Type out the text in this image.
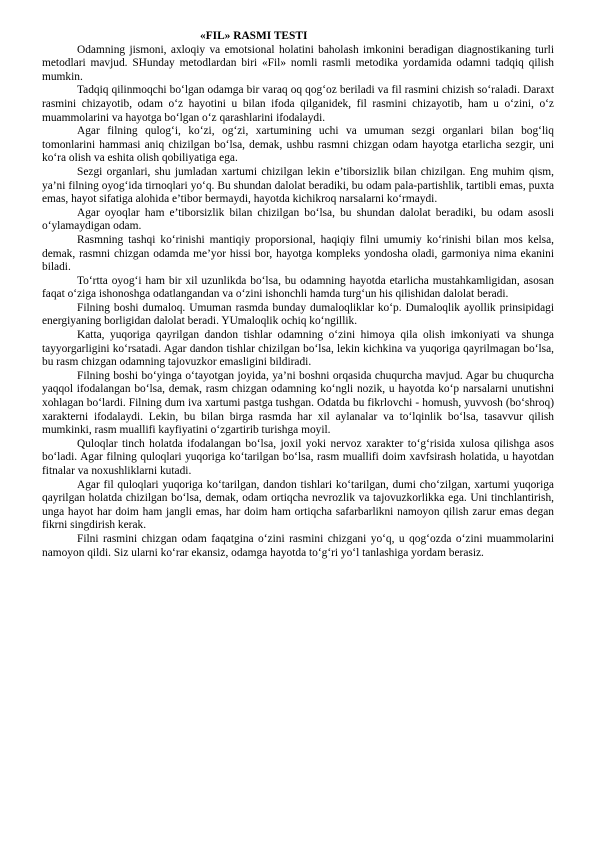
«FIL» RASMI TESTI

Odamning jismoni, axloqiy va emotsional holatini baholash imkonini beradigan diagnostikaning turli metodlari mavjud. SHunday metodlardan biri «Fil» nomli rasmli metodika yordamida odamni tadqiq qilish mumkin.

Tadqiq qilinmoqchi bo‘lgan odamga bir varaq oq qog‘oz beriladi va fil rasmini chizish so‘raladi. Daraxt rasmini chizayotib, odam o‘z hayotini u bilan ifoda qilganidek, fil rasmini chizayotib, ham u o‘zini, o‘z muammolarini va hayotga bo‘lgan o‘z qarashlarini ifodalaydi.

Agar filning qulog‘i, ko‘zi, og‘zi, xartumining uchi va umuman sezgi organlari bilan bog‘liq tomonlarini hammasi aniq chizilgan bo‘lsa, demak, ushbu rasmni chizgan odam hayotga etarlicha sezgir, uni ko‘ra olish va eshita olish qobiliyatiga ega.

Sezgi organlari, shu jumladan xartumi chizilgan lekin e’tiborsizlik bilan chizilgan. Eng muhim qism, ya’ni filning oyog‘ida tirnoqlari yo‘q. Bu shundan dalolat beradiki, bu odam pala-partishlik, tartibli emas, puxta emas, hayot sifatiga alohida e’tibor bermaydi, hayotda kichikroq narsalarni ko‘rmaydi.

Agar oyoqlar ham e’tiborsizlik bilan chizilgan bo‘lsa, bu shundan dalolat beradiki, bu odam asosli o‘ylamaydigan odam.

Rasmning tashqi ko‘rinishi mantiqiy proporsional, haqiqiy filni umumiy ko‘rinishi bilan mos kelsa, demak, rasmni chizgan odamda me’yor hissi bor, hayotga kompleks yondosha oladi, garmoniya nima ekanini biladi.

To‘rtta oyog‘i ham bir xil uzunlikda bo‘lsa, bu odamning hayotda etarlicha mustahkamligidan, asosan faqat o‘ziga ishonoshga odatlangandan va o‘zini ishonchli hamda turg‘un his qilishidan dalolat beradi.

Filning boshi dumaloq. Umuman rasmda bunday dumaloqliklar ko‘p. Dumaloqlik ayollik prinsipidagi energiyaning borligidan dalolat beradi. YUmaloqlik ochiq ko‘ngillik.

Katta, yuqoriga qayrilgan dandon tishlar odamning o‘zini himoya qila olish imkoniyati va shunga tayyorgarligini ko‘rsatadi. Agar dandon tishlar chizilgan bo‘lsa, lekin kichkina va yuqoriga qayrilmagan bo‘lsa, bu rasm chizgan odamning tajovuzkor emasligini bildiradi.

Filning boshi bo‘yinga o‘tayotgan joyida, ya’ni boshni orqasida chuqurcha mavjud. Agar bu chuqurcha yaqqol ifodalangan bo‘lsa, demak, rasm chizgan odamning ko‘ngli nozik, u hayotda ko‘p narsalarni unutishni xohlagan bo‘lardi. Filning dum iva xartumi pastga tushgan. Odatda bu fikrlovchi - homush, yuvvosh (bo‘shroq) xarakterni ifodalaydi. Lekin, bu bilan birga rasmda har xil aylanalar va to‘lqinlik bo‘lsa, tasavvur qilish mumkinki, rasm muallifi kayfiyatini o‘zgartirib turishga moyil.

Quloqlar tinch holatda ifodalangan bo‘lsa, joxil yoki nervoz xarakter to‘g‘risida xulosa qilishga asos bo‘ladi. Agar filning quloqlari yuqoriga ko‘tarilgan bo‘lsa, rasm muallifi doim xavfsirash holatida, u hayotdan fitnalar va noxushliklarni kutadi.

Agar fil quloqlari yuqoriga ko‘tarilgan, dandon tishlari ko‘tarilgan, dumi cho‘zilgan, xartumi yuqoriga qayrilgan holatda chizilgan bo‘lsa, demak, odam ortiqcha nevrozlik va tajovuzkorlikka ega. Uni tinchlantirish, unga hayot har doim ham jangli emas, har doim ham ortiqcha safarbarlikni namoyon qilish zarur emas degan fikrni singdirish kerak.

Filni rasmini chizgan odam faqatgina o‘zini rasmini chizgani yo‘q, u qog‘ozda o‘zini muammolarini namoyon qildi. Siz ularni ko‘rar ekansiz, odamga hayotda to‘g‘ri yo‘l tanlashiga yordam berasiz.
